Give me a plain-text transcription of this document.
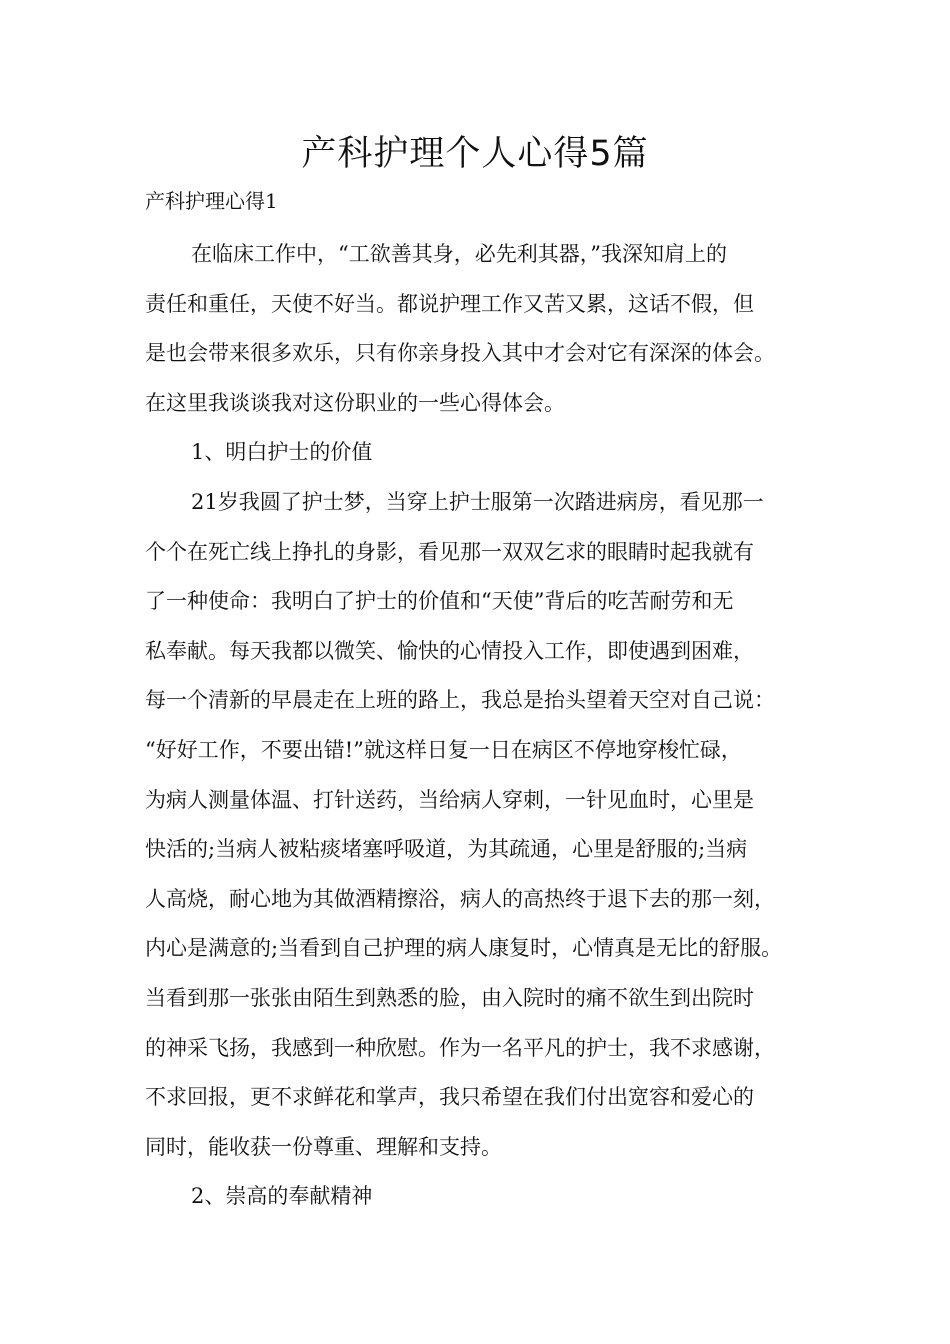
产科护理个人心得5篇
产科护理心得1
在临床工作中，“工欲善其身，必先利其器，”我深知肩上的
责任和重任，天使不好当。都说护理工作又苦又累，这话不假，但
是也会带来很多欢乐，只有你亲身投入其中才会对它有深深的体会。
在这里我谈谈我对这份职业的一些心得体会。
1、明白护士的价值
21岁我圆了护士梦，当穿上护士服第一次踏进病房，看见那一
个个在死亡线上挣扎的身影，看见那一双双乞求的眼睛时起我就有
了一种使命：我明白了护士的价值和“天使”背后的吃苦耐劳和无
私奉献。每天我都以微笑、愉快的心情投入工作，即使遇到困难，
每一个清新的早晨走在上班的路上，我总是抬头望着天空对自己说：
“好好工作，不要出错!”就这样日复一日在病区不停地穿梭忙碌，
为病人测量体温、打针送药，当给病人穿刺，一针见血时，心里是
快活的;当病人被粘痰堵塞呼吸道，为其疏通，心里是舒服的;当病
人高烧，耐心地为其做酒精擦浴，病人的高热终于退下去的那一刻，
内心是满意的;当看到自己护理的病人康复时，心情真是无比的舒服。
当看到那一张张由陌生到熟悉的脸，由入院时的痛不欲生到出院时
的神采飞扬，我感到一种欣慰。作为一名平凡的护士，我不求感谢，
不求回报，更不求鲜花和掌声，我只希望在我们付出宽容和爱心的
同时，能收获一份尊重、理解和支持。
2、崇高的奉献精神
